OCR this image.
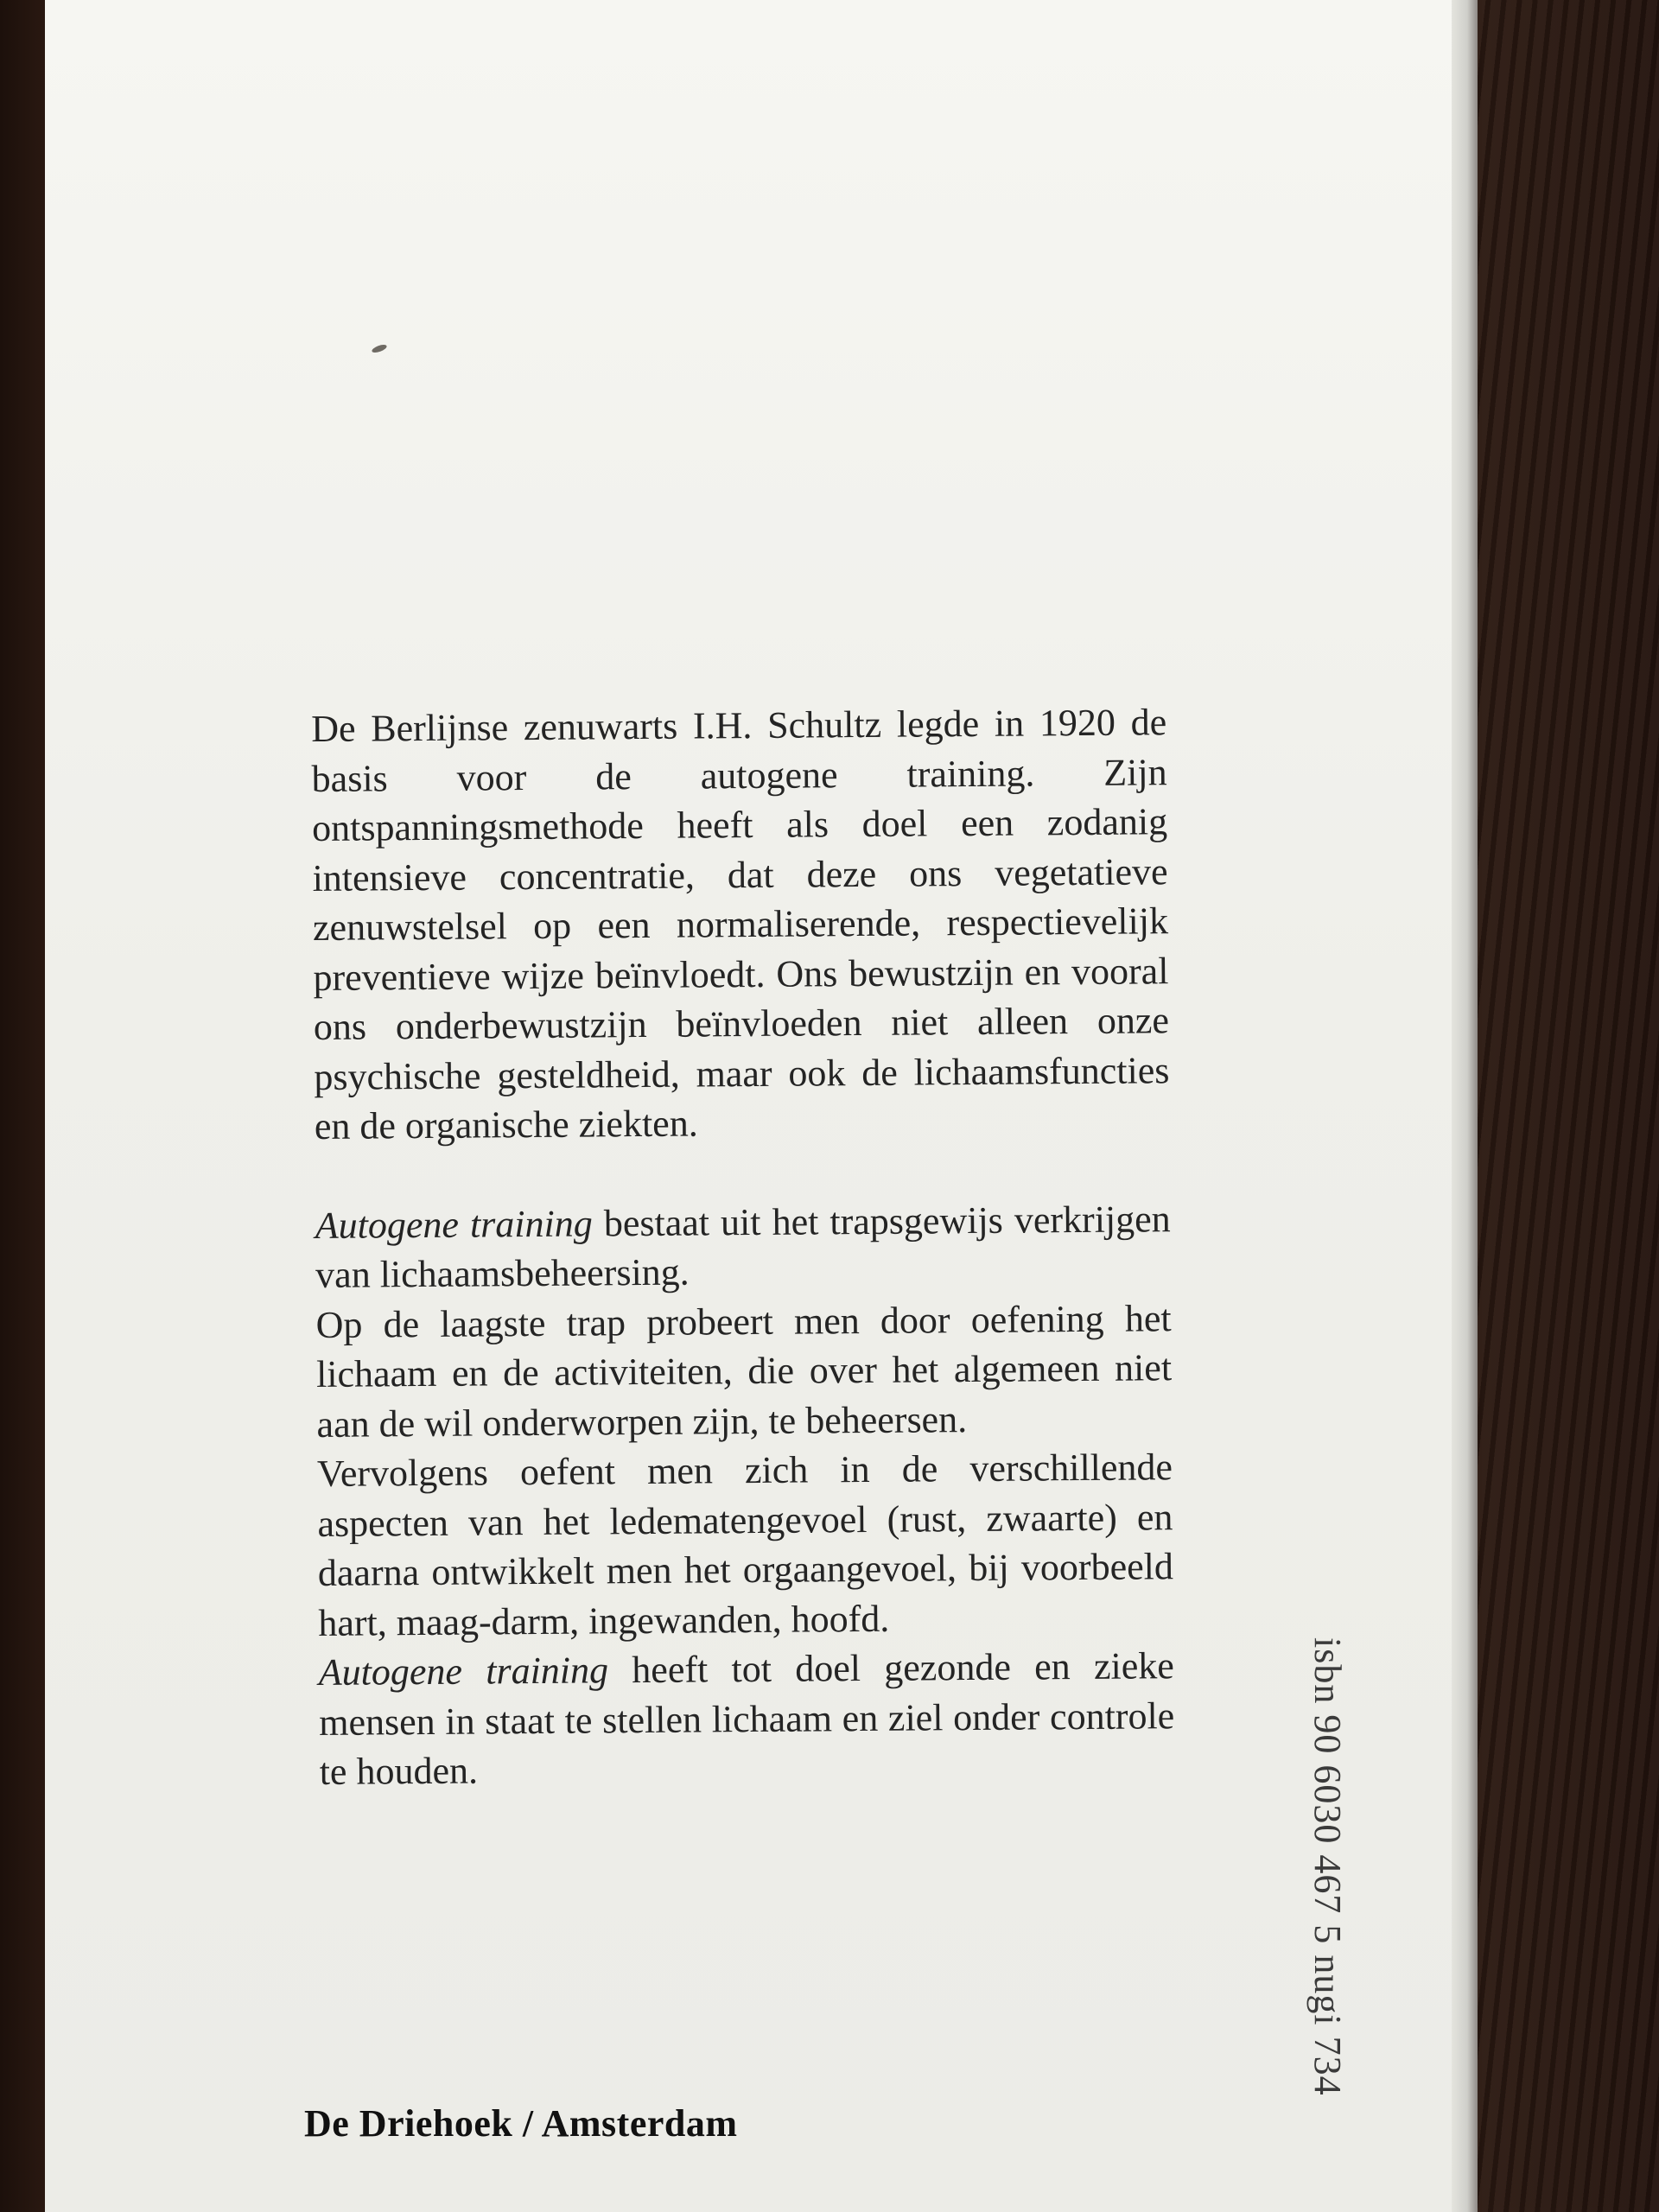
De Berlijnse zenuwarts I.H. Schultz legde in 1920 de basis voor de autogene training. Zijn ontspanningsmethode heeft als doel een zodanig intensieve concentratie, dat deze ons vegetatieve zenuwstelsel op een normaliserende, respectievelijk preventieve wijze beïnvloedt. Ons bewustzijn en vooral ons onderbewustzijn beïnvloeden niet alleen onze psychische gesteldheid, maar ook de lichaamsfuncties en de organische ziekten.

Autogene training bestaat uit het trapsgewijs verkrijgen van lichaamsbeheersing.

Op de laagste trap probeert men door oefening het lichaam en de activiteiten, die over het algemeen niet aan de wil onderworpen zijn, te beheersen.

Vervolgens oefent men zich in de verschillende aspecten van het ledematengevoel (rust, zwaarte) en daarna ontwikkelt men het orgaangevoel, bij voorbeeld hart, maag-darm, ingewanden, hoofd.

Autogene training heeft tot doel gezonde en zieke mensen in staat te stellen lichaam en ziel onder controle te houden.

De Driehoek / Amsterdam
isbn 90 6030 467 5 nugi 734
